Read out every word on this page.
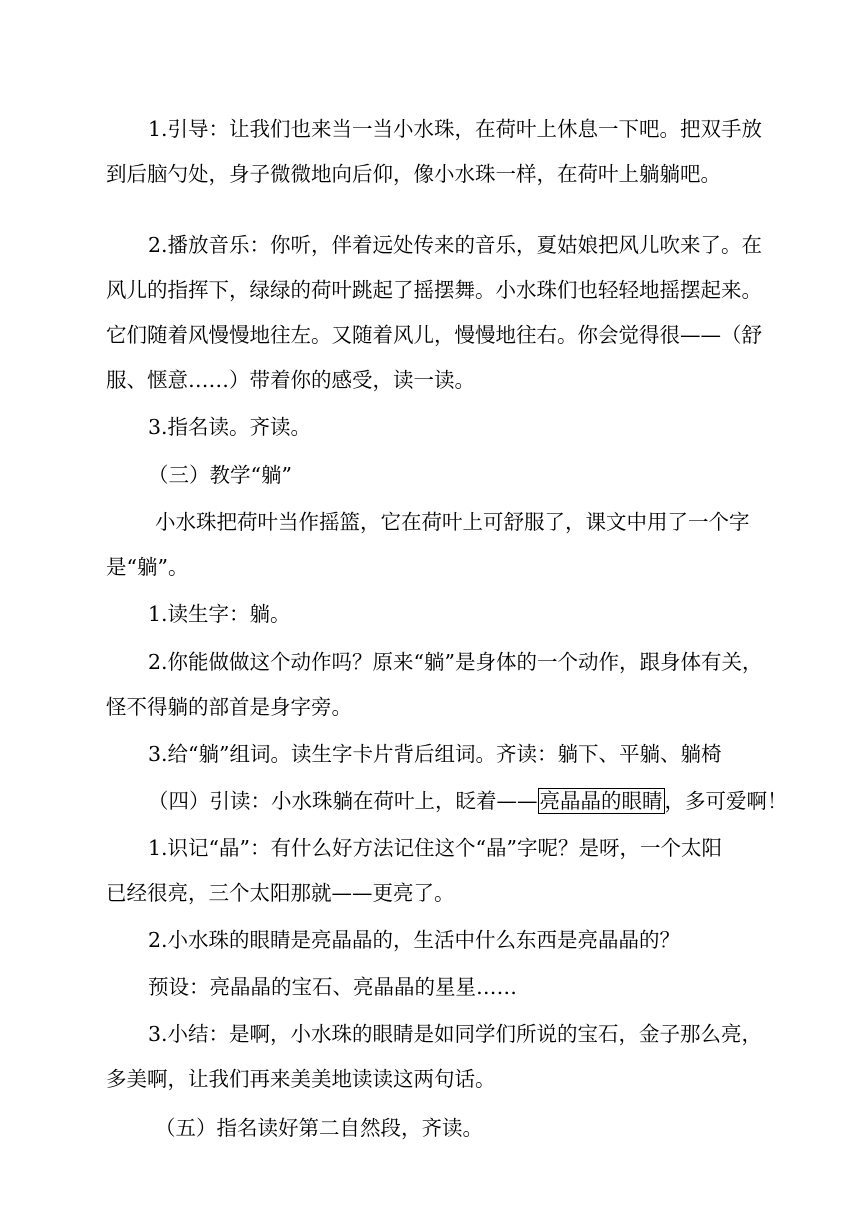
1.引导：让我们也来当一当小水珠，在荷叶上休息一下吧。把双手放
到后脑勺处，身子微微地向后仰，像小水珠一样，在荷叶上躺躺吧。
2.播放音乐：你听，伴着远处传来的音乐，夏姑娘把风儿吹来了。在
风儿的指挥下，绿绿的荷叶跳起了摇摆舞。小水珠们也轻轻地摇摆起来。
它们随着风慢慢地往左。又随着风儿，慢慢地往右。你会觉得很——（舒
服、惬意……）带着你的感受，读一读。
3.指名读。齐读。
（三）教学“躺”
小水珠把荷叶当作摇篮，它在荷叶上可舒服了，课文中用了一个字
是“躺”。
1.读生字：躺。
2.你能做做这个动作吗？原来“躺”是身体的一个动作，跟身体有关，
怪不得躺的部首是身字旁。
3.给“躺”组词。读生字卡片背后组词。齐读：躺下、平躺、躺椅
（四）引读：小水珠躺在荷叶上，眨着——亮晶晶的眼睛，多可爱啊！
1.识记“晶”：有什么好方法记住这个“晶”字呢？是呀，一个太阳
已经很亮，三个太阳那就——更亮了。
2.小水珠的眼睛是亮晶晶的，生活中什么东西是亮晶晶的？
预设：亮晶晶的宝石、亮晶晶的星星……
3.小结：是啊，小水珠的眼睛是如同学们所说的宝石，金子那么亮，
多美啊，让我们再来美美地读读这两句话。
（五）指名读好第二自然段，齐读。
